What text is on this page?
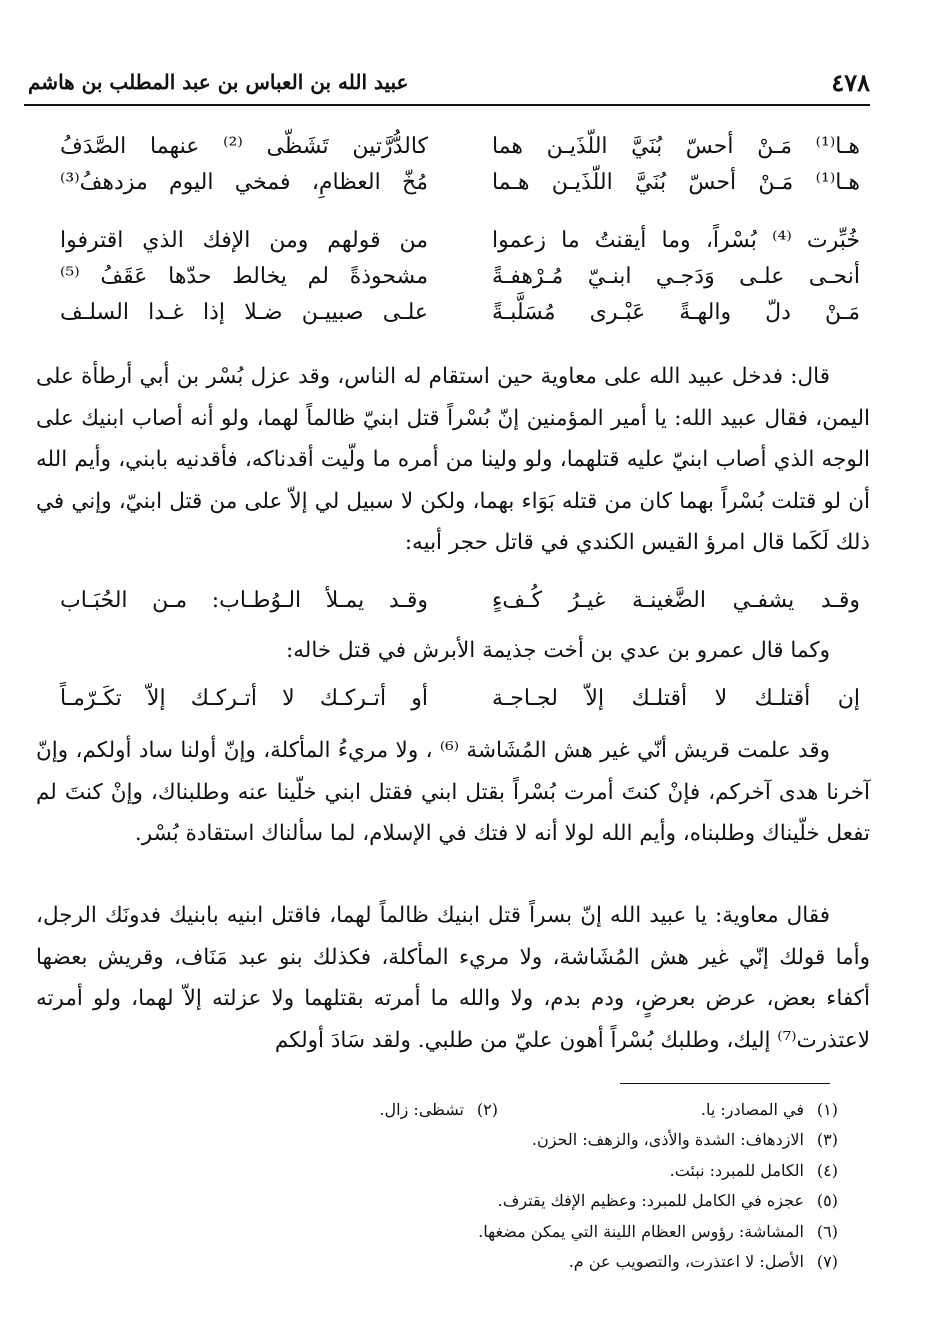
٤٧٨
عبيد الله بن العباس بن عبد المطلب بن هاشم
هـا⁽¹⁾ مَـنْ أحسّ بُنَيَّ اللّذَيـن هما
كالدُّرَّتين تَشَظّى ⁽²⁾ عنهما الصَّدَفُ
هـا⁽¹⁾ مَـنْ أحسّ بُنَيَّ اللّذَيـن هـما
مُخّ العظامِ، فمخي اليوم مزدهفُ⁽³⁾
خُبِّرت ⁽⁴⁾ بُسْراً، وما أيقنتُ ما زعموا
من قولهم ومن الإفك الذي اقترفوا
أنحـى علـى وَدَجـي ابنـيّ مُـرْهفـةً
مشحوذةً لم يخالط حدّها عَقَفُ ⁽⁵⁾
مَـنْ دلّ والهـةً عَبْـرى مُسَلَّبـةً
علـى صبييـن ضـلا إذا غـدا السلـف

قال: فدخل عبيد الله على معاوية حين استقام له الناس، وقد عزل بُسْر بن أبي أرطأة على اليمن، فقال عبيد الله: يا أمير المؤمنين إنّ بُسْراً قتل ابنيّ ظالماً لهما، ولو أنه أصاب ابنيك على الوجه الذي أصاب ابنيّ عليه قتلهما، ولو ولينا من أمره ما ولّيت أقدناكه، فأقدنيه بابني، وأيم الله أن لو قتلت بُسْراً بهما كان من قتله بَوَاء بهما، ولكن لا سبيل لي إلاّ على من قتل ابنيّ، وإني في ذلك لَكَما قال امرؤ القيس الكندي في قاتل حجر أبيه:

وقـد يشفـي الضَّغينـة غيـرُ كُـفءٍ
وقـد يمـلأ الـوُطـاب: مـن الحُبَـاب

وكما قال عمرو بن عدي بن أخت جذيمة الأبرش في قتل خاله:

إن أقتلـك لا أقتلـك إلاّ لجـاجـة
أو أتـركـك لا أتـركـك إلاّ تكَـرّمـاً

وقد علمت قريش أنّي غير هش المُشَاشة ⁽⁶⁾ ، ولا مريءُ المأكلة، وإنّ أولنا ساد أولكم، وإنّ آخرنا هدى آخركم، فإنْ كنتَ أمرت بُسْراً بقتل ابني فقتل ابني خلّينا عنه وطلبناك، وإنْ كنتَ لم تفعل خلّيناك وطلبناه، وأيم الله لولا أنه لا فتك في الإسلام، لما سألناك استقادة بُسْر.

فقال معاوية: يا عبيد الله إنّ بسراً قتل ابنيك ظالماً لهما، فاقتل ابنيه بابنيك فدونَك الرجل، وأما قولك إنّي غير هش المُشَاشة، ولا مريء المأكلة، فكذلك بنو عبد مَنَاف، وقريش بعضها أكفاء بعض، عرض بعرضٍ، ودم بدم، ولا والله ما أمرته بقتلهما ولا عزلته إلاّ لهما، ولو أمرته لاعتذرت⁽⁷⁾ إليك، وطلبك بُسْراً أهون عليّ من طلبي. ولقد سَادَ أولكم

(١)
في المصادر: يا.
(٢)
تشظى: زال.
(٣)
الازدهاف: الشدة والأذى، والزهف: الحزن.
(٤)
الكامل للمبرد: نبئت.
(٥)
عجزه في الكامل للمبرد: وعظيم الإفك يقترف.
(٦)
المشاشة: رؤوس العظام اللينة التي يمكن مضغها.
(٧)
الأصل: لا اعتذرت، والتصويب عن م.
